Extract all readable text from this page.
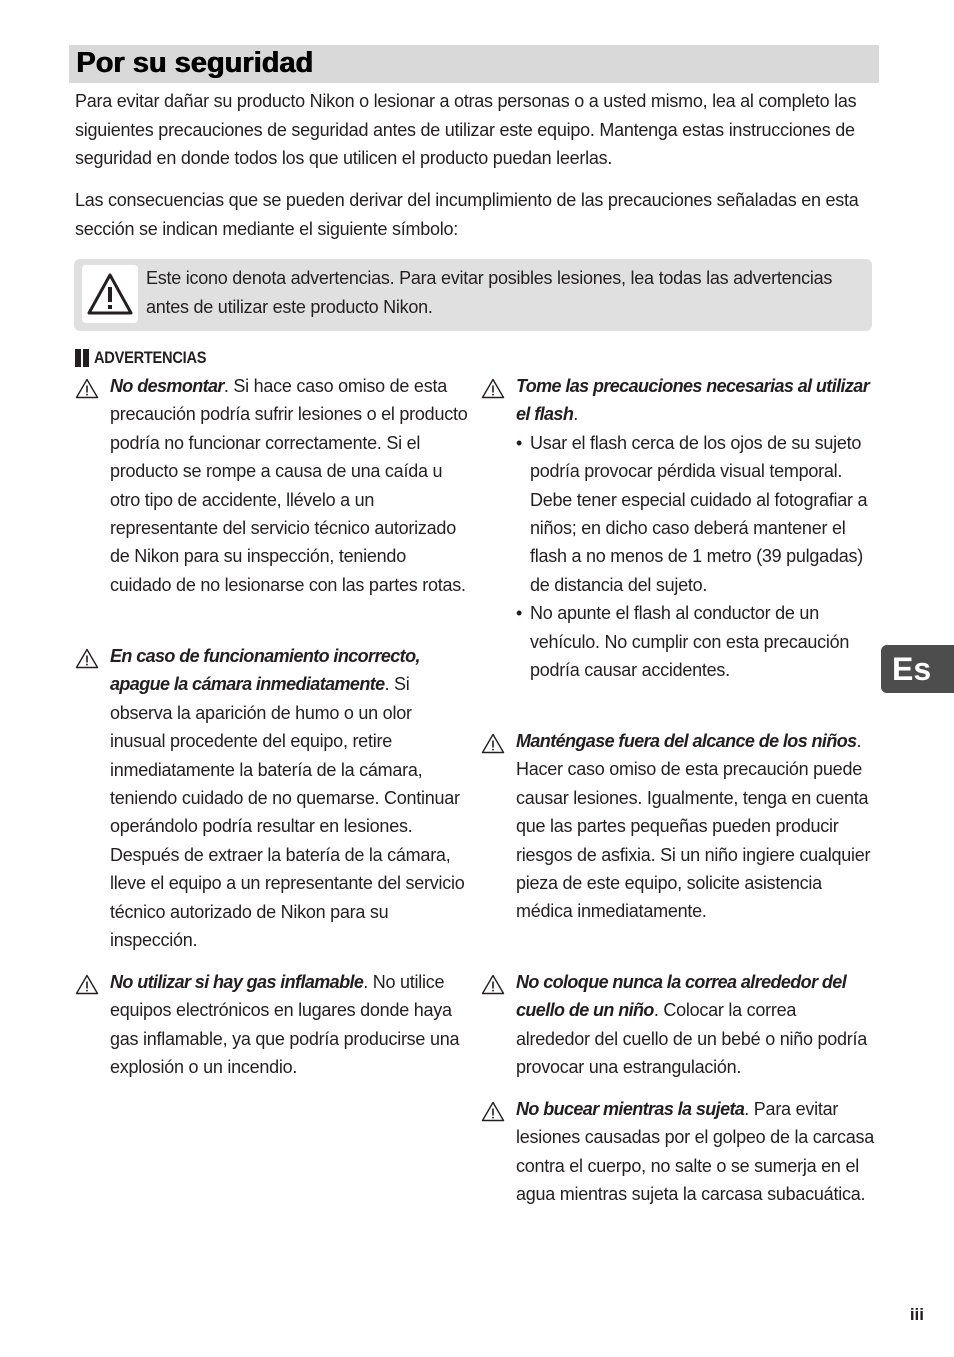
Por su seguridad

Para evitar dañar su producto Nikon o lesionar a otras personas o a usted mismo, lea al completo las siguientes precauciones de seguridad antes de utilizar este equipo. Mantenga estas instrucciones de seguridad en donde todos los que utilicen el producto puedan leerlas.

Las consecuencias que se pueden derivar del incumplimiento de las precauciones señaladas en esta sección se indican mediante el siguiente símbolo:

Este icono denota advertencias. Para evitar posibles lesiones, lea todas las advertencias antes de utilizar este producto Nikon.

ADVERTENCIAS

No desmontar. Si hace caso omiso de esta precaución podría sufrir lesiones o el producto podría no funcionar correctamente. Si el producto se rompe a causa de una caída u otro tipo de accidente, llévelo a un representante del servicio técnico autorizado de Nikon para su inspección, teniendo cuidado de no lesionarse con las partes rotas.

En caso de funcionamiento incorrecto, apague la cámara inmediatamente. Si observa la aparición de humo o un olor inusual procedente del equipo, retire inmediatamente la batería de la cámara, teniendo cuidado de no quemarse. Continuar operándolo podría resultar en lesiones. Después de extraer la batería de la cámara, lleve el equipo a un representante del servicio técnico autorizado de Nikon para su inspección.

No utilizar si hay gas inflamable. No utilice equipos electrónicos en lugares donde haya gas inflamable, ya que podría producirse una explosión o un incendio.

Tome las precauciones necesarias al utilizar el flash.
• Usar el flash cerca de los ojos de su sujeto podría provocar pérdida visual temporal. Debe tener especial cuidado al fotografiar a niños; en dicho caso deberá mantener el flash a no menos de 1 metro (39 pulgadas) de distancia del sujeto.
• No apunte el flash al conductor de un vehículo. No cumplir con esta precaución podría causar accidentes.

Manténgase fuera del alcance de los niños. Hacer caso omiso de esta precaución puede causar lesiones. Igualmente, tenga en cuenta que las partes pequeñas pueden producir riesgos de asfixia. Si un niño ingiere cualquier pieza de este equipo, solicite asistencia médica inmediatamente.

No coloque nunca la correa alrededor del cuello de un niño. Colocar la correa alrededor del cuello de un bebé o niño podría provocar una estrangulación.

No bucear mientras la sujeta. Para evitar lesiones causadas por el golpeo de la carcasa contra el cuerpo, no salte o se sumerja en el agua mientras sujeta la carcasa subacuática.

Es
iii
